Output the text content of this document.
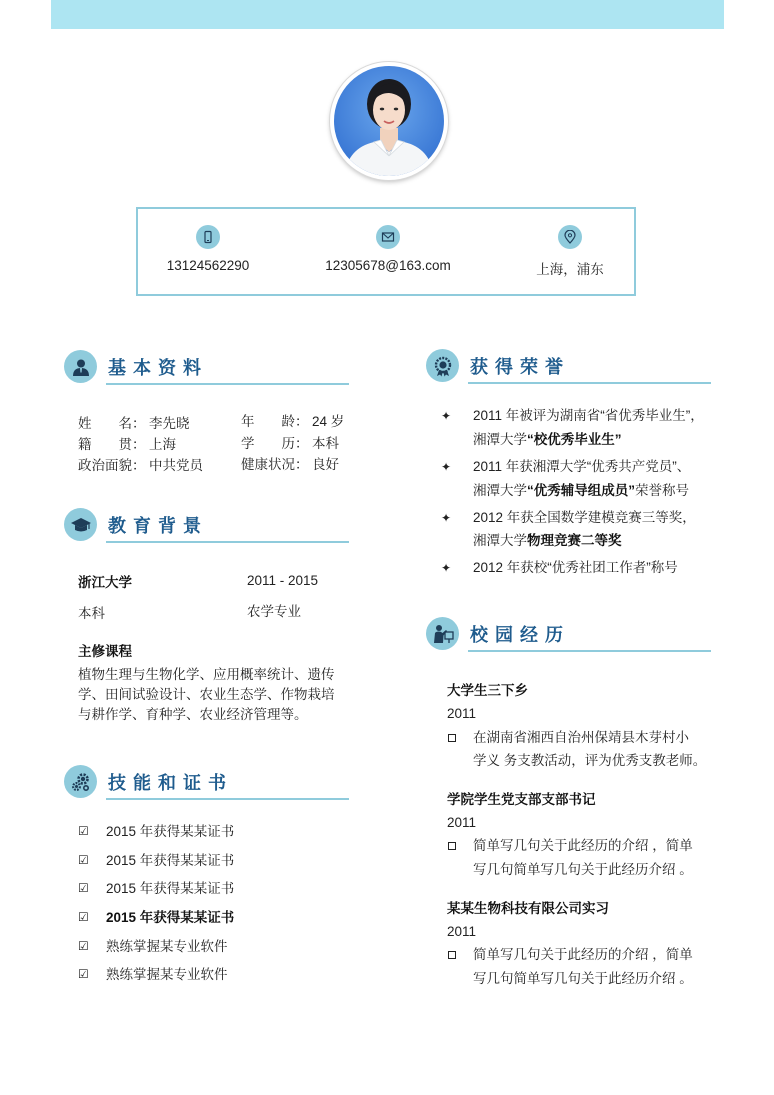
13124562290	12305678@163.com	上海，浦东
基本资料
姓　　名： 李先晓	年　　龄： 24 岁
籍　　贯： 上海	学　　历： 本科
政治面貌： 中共党员	健康状况： 良好
教育背景
浙江大学	2011 - 2015
本科	农学专业
主修课程
植物生理与生物化学、应用概率统计、遗传
学、田间试验设计、农业生态学、作物栽培
与耕作学、育种学、农业经济管理等。
技能和证书
☑ 2015 年获得某某证书
☑ 2015 年获得某某证书
☑ 2015 年获得某某证书
☑ 2015 年获得某某证书
☑ 熟练掌握某专业软件
☑ 熟练掌握某专业软件
获得荣誉
✦ 2011 年被评为湖南省“省优秀毕业生”，
湘潭大学“校优秀毕业生”
✦ 2011 年获湘潭大学“优秀共产党员”、
湘潭大学“优秀辅导组成员”荣誉称号
✦ 2012 年获全国数学建模竞赛三等奖，
湘潭大学物理竞赛二等奖
✦ 2012 年获校“优秀社团工作者”称号
校园经历
大学生三下乡
2011
在湖南省湘西自治州保靖县木芽村小
学义 务支教活动，评为优秀支教老师。
学院学生党支部支部书记
2011
简单写几句关于此经历的介绍 ，简单
写几句简单写几句关于此经历介绍 。
某某生物科技有限公司实习
2011
简单写几句关于此经历的介绍 ，简单
写几句简单写几句关于此经历介绍 。
